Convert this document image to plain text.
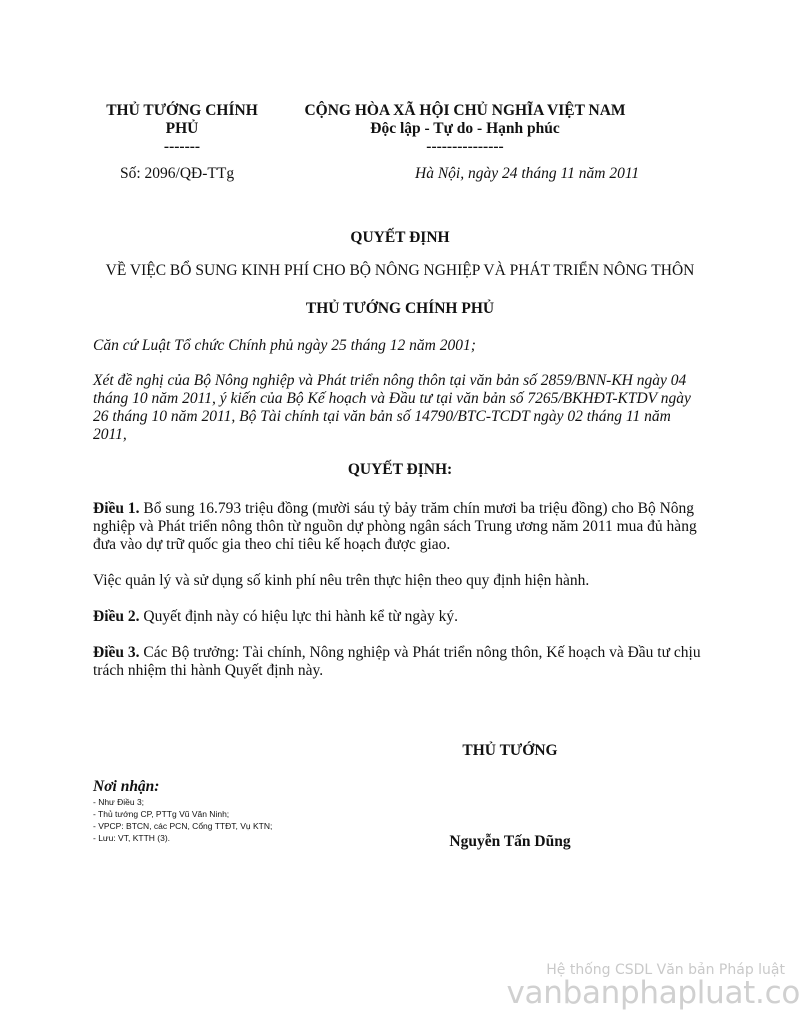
THỦ TƯỚNG CHÍNH
PHỦ
-------
CỘNG HÒA XÃ HỘI CHỦ NGHĨA VIỆT NAM
Độc lập - Tự do - Hạnh phúc
---------------
Số: 2096/QĐ-TTg	Hà Nội, ngày 24 tháng 11 năm 2011
QUYẾT ĐỊNH
VỀ VIỆC BỔ SUNG KINH PHÍ CHO BỘ NÔNG NGHIỆP VÀ PHÁT TRIỂN NÔNG THÔN
THỦ TƯỚNG CHÍNH PHỦ
Căn cứ Luật Tổ chức Chính phủ ngày 25 tháng 12 năm 2001;
Xét đề nghị của Bộ Nông nghiệp và Phát triển nông thôn tại văn bản số 2859/BNN-KH ngày 04 tháng 10 năm 2011, ý kiến của Bộ Kế hoạch và Đầu tư tại văn bản số 7265/BKHĐT-KTDV ngày 26 tháng 10 năm 2011, Bộ Tài chính tại văn bản số 14790/BTC-TCDT ngày 02 tháng 11 năm 2011,
QUYẾT ĐỊNH:
Điều 1. Bổ sung 16.793 triệu đồng (mười sáu tỷ bảy trăm chín mươi ba triệu đồng) cho Bộ Nông nghiệp và Phát triển nông thôn từ nguồn dự phòng ngân sách Trung ương năm 2011 mua đủ hàng đưa vào dự trữ quốc gia theo chỉ tiêu kế hoạch được giao.
Việc quản lý và sử dụng số kinh phí nêu trên thực hiện theo quy định hiện hành.
Điều 2. Quyết định này có hiệu lực thi hành kể từ ngày ký.
Điều 3. Các Bộ trưởng: Tài chính, Nông nghiệp và Phát triển nông thôn, Kế hoạch và Đầu tư chịu trách nhiệm thi hành Quyết định này.
THỦ TƯỚNG
Nguyễn Tấn Dũng
Nơi nhận:
- Như Điều 3;
- Thủ tướng CP, PTTg Vũ Văn Ninh;
- VPCP: BTCN, các PCN, Cổng TTĐT, Vụ KTN;
- Lưu: VT, KTTH (3).
Hệ thống CSDL Văn bản Pháp luật
vanbanphapluat.co
